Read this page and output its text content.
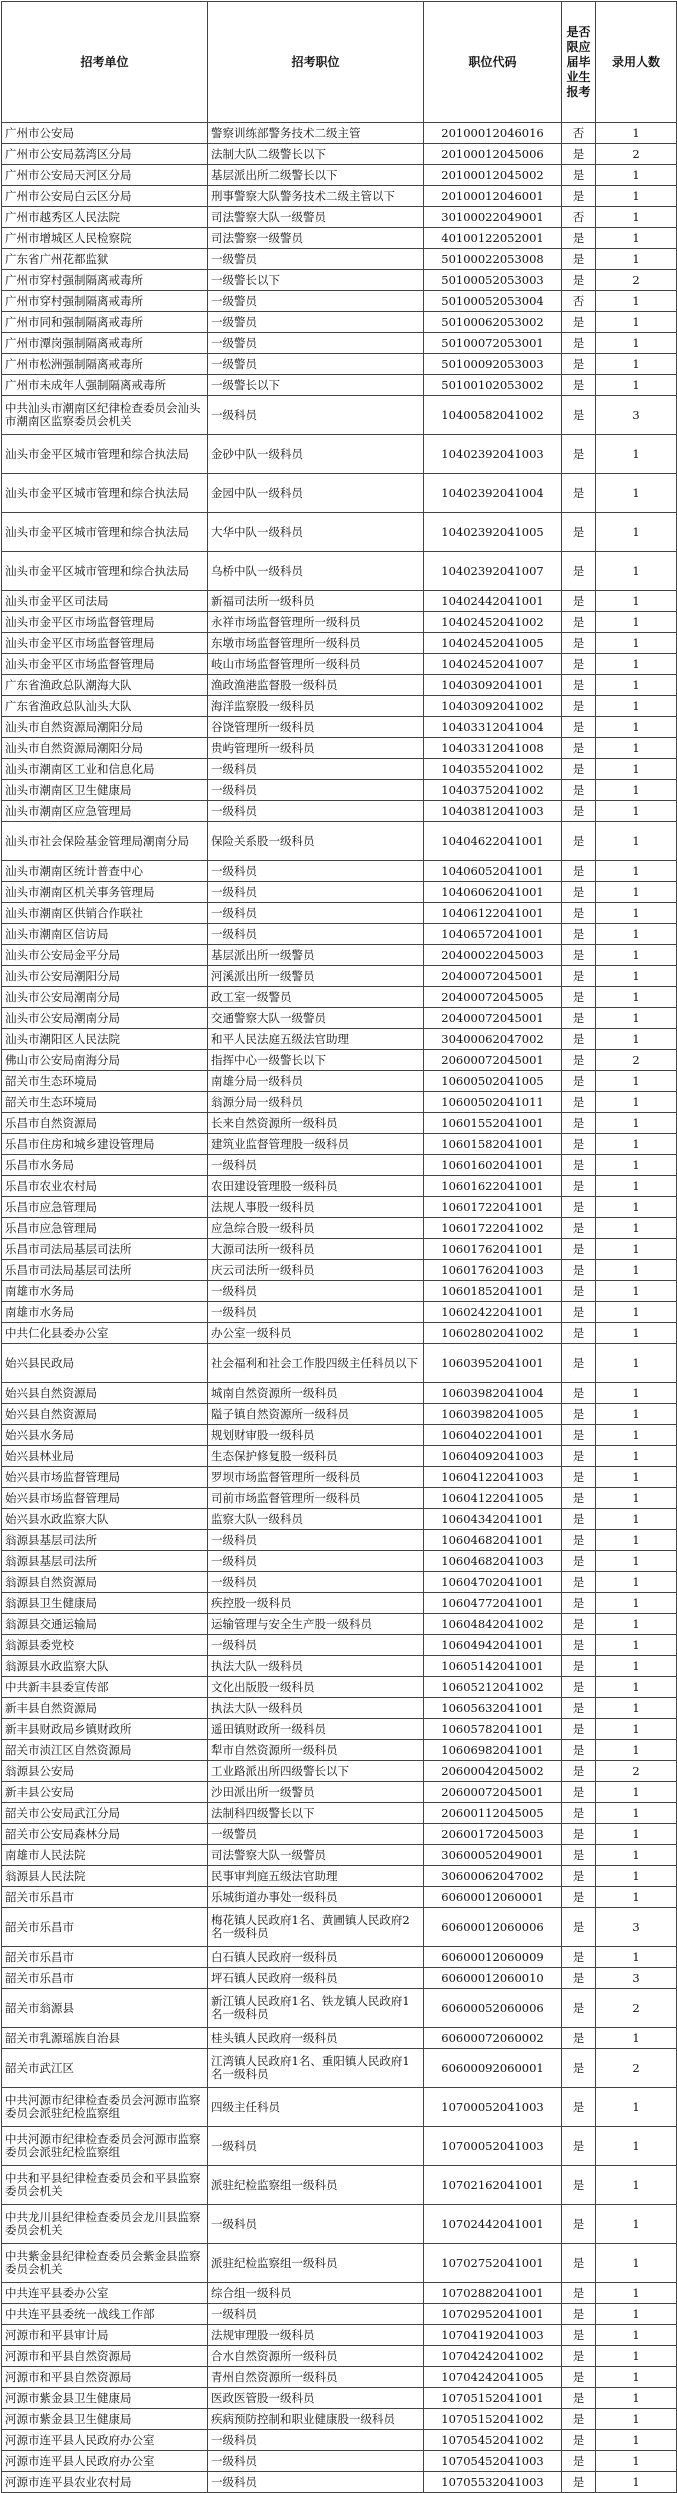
招考单位	招考职位	职位代码	是否限应届毕业生报考	录用人数
广州市公安局	警察训练部警务技术二级主管	20100012046016	否	1
广州市公安局荔湾区分局	法制大队二级警长以下	20100012045006	是	2
广州市公安局天河区分局	基层派出所二级警长以下	20100012045002	是	1
广州市公安局白云区分局	刑事警察大队警务技术二级主管以下	20100012046001	是	1
广州市越秀区人民法院	司法警察大队一级警员	30100022049001	否	1
广州市增城区人民检察院	司法警察一级警员	40100122052001	是	1
广东省广州花都监狱	一级警员	50100022053008	是	1
广州市穿村强制隔离戒毒所	一级警长以下	50100052053003	是	2
广州市穿村强制隔离戒毒所	一级警员	50100052053004	否	1
广州市同和强制隔离戒毒所	一级警员	50100062053002	是	1
广州市潭岗强制隔离戒毒所	一级警员	50100072053001	是	1
广州市松洲强制隔离戒毒所	一级警员	50100092053003	是	1
广州市未成年人强制隔离戒毒所	一级警长以下	50100102053002	是	1
中共汕头市潮南区纪律检查委员会汕头市潮南区监察委员会机关	一级科员	10400582041002	是	3
汕头市金平区城市管理和综合执法局	金砂中队一级科员	10402392041003	是	1
汕头市金平区城市管理和综合执法局	金园中队一级科员	10402392041004	是	1
汕头市金平区城市管理和综合执法局	大华中队一级科员	10402392041005	是	1
汕头市金平区城市管理和综合执法局	乌桥中队一级科员	10402392041007	是	1
汕头市金平区司法局	新福司法所一级科员	10402442041001	是	1
汕头市金平区市场监督管理局	永祥市场监督管理所一级科员	10402452041002	是	1
汕头市金平区市场监督管理局	东墩市场监督管理所一级科员	10402452041005	是	1
汕头市金平区市场监督管理局	岐山市场监督管理所一级科员	10402452041007	是	1
广东省渔政总队潮海大队	渔政渔港监督股一级科员	10403092041001	是	1
广东省渔政总队汕头大队	海洋监察股一级科员	10403092041002	是	1
汕头市自然资源局潮阳分局	谷饶管理所一级科员	10403312041004	是	1
汕头市自然资源局潮阳分局	贵屿管理所一级科员	10403312041008	是	1
汕头市潮南区工业和信息化局	一级科员	10403552041002	是	1
汕头市潮南区卫生健康局	一级科员	10403752041002	是	1
汕头市潮南区应急管理局	一级科员	10403812041003	是	1
汕头市社会保险基金管理局潮南分局	保险关系股一级科员	10404622041001	是	1
汕头市潮南区统计普查中心	一级科员	10406052041001	是	1
汕头市潮南区机关事务管理局	一级科员	10406062041001	是	1
汕头市潮南区供销合作联社	一级科员	10406122041001	是	1
汕头市潮南区信访局	一级科员	10406572041001	是	1
汕头市公安局金平分局	基层派出所一级警员	20400022045003	是	1
汕头市公安局潮阳分局	河溪派出所一级警员	20400072045001	是	1
汕头市公安局潮南分局	政工室一级警员	20400072045005	是	1
汕头市公安局潮南分局	交通警察大队一级警员	20400072045001	是	1
汕头市潮阳区人民法院	和平人民法庭五级法官助理	30400062047002	是	1
佛山市公安局南海分局	指挥中心一级警长以下	20600072045001	是	2
韶关市生态环境局	南雄分局一级科员	10600502041005	是	1
韶关市生态环境局	翁源分局一级科员	10600502041011	是	1
乐昌市自然资源局	长来自然资源所一级科员	10601552041001	是	1
乐昌市住房和城乡建设管理局	建筑业监督管理股一级科员	10601582041001	是	1
乐昌市水务局	一级科员	10601602041001	是	1
乐昌市农业农村局	农田建设管理股一级科员	10601622041001	是	1
乐昌市应急管理局	法规人事股一级科员	10601722041001	是	1
乐昌市应急管理局	应急综合股一级科员	10601722041002	是	1
乐昌市司法局基层司法所	大源司法所一级科员	10601762041001	是	1
乐昌市司法局基层司法所	庆云司法所一级科员	10601762041003	是	1
南雄市水务局	一级科员	10601852041001	是	1
南雄市水务局	一级科员	10602422041001	是	1
中共仁化县委办公室	办公室一级科员	10602802041002	是	1
始兴县民政局	社会福利和社会工作股四级主任科员以下	10603952041001	是	1
始兴县自然资源局	城南自然资源所一级科员	10603982041004	是	1
始兴县自然资源局	隘子镇自然资源所一级科员	10603982041005	是	1
始兴县水务局	规划财审股一级科员	10604022041001	是	1
始兴县林业局	生态保护修复股一级科员	10604092041003	是	1
始兴县市场监督管理局	罗坝市场监督管理所一级科员	10604122041003	是	1
始兴县市场监督管理局	司前市场监督管理所一级科员	10604122041005	是	1
始兴县水政监察大队	监察大队一级科员	10604342041001	是	1
翁源县基层司法所	一级科员	10604682041001	是	1
翁源县基层司法所	一级科员	10604682041003	是	1
翁源县自然资源局	一级科员	10604702041001	是	1
翁源县卫生健康局	疾控股一级科员	10604772041001	是	1
翁源县交通运输局	运输管理与安全生产股一级科员	10604842041002	是	1
翁源县委党校	一级科员	10604942041001	是	1
翁源县水政监察大队	执法大队一级科员	10605142041001	是	1
中共新丰县委宣传部	文化出版股一级科员	10605212041002	是	1
新丰县自然资源局	执法大队一级科员	10605632041001	是	1
新丰县财政局乡镇财政所	遥田镇财政所一级科员	10605782041001	是	1
韶关市浈江区自然资源局	犁市自然资源所一级科员	10606982041001	是	1
翁源县公安局	工业路派出所四级警长以下	20600042045002	是	2
新丰县公安局	沙田派出所一级警员	20600072045001	是	1
韶关市公安局武江分局	法制科四级警长以下	20600112045005	是	1
韶关市公安局森林分局	一级警员	20600172045003	是	1
南雄市人民法院	司法警察大队一级警员	30600052049001	是	1
翁源县人民法院	民事审判庭五级法官助理	30600062047002	是	1
韶关市乐昌市	乐城街道办事处一级科员	60600012060001	是	1
韶关市乐昌市	梅花镇人民政府1名、黄圃镇人民政府2名一级科员	60600012060006	是	3
韶关市乐昌市	白石镇人民政府一级科员	60600012060009	是	1
韶关市乐昌市	坪石镇人民政府一级科员	60600012060010	是	3
韶关市翁源县	新江镇人民政府1名、铁龙镇人民政府1名一级科员	60600052060006	是	2
韶关市乳源瑶族自治县	桂头镇人民政府一级科员	60600072060002	是	1
韶关市武江区	江湾镇人民政府1名、重阳镇人民政府1名一级科员	60600092060001	是	2
中共河源市纪律检查委员会河源市监察委员会派驻纪检监察组	四级主任科员	10700052041003	是	1
中共河源市纪律检查委员会河源市监察委员会派驻纪检监察组	一级科员	10700052041003	是	1
中共和平县纪律检查委员会和平县监察委员会机关	派驻纪检监察组一级科员	10702162041001	是	1
中共龙川县纪律检查委员会龙川县监察委员会机关	一级科员	10702442041001	是	1
中共紫金县纪律检查委员会紫金县监察委员会机关	派驻纪检监察组一级科员	10702752041001	是	1
中共连平县委办公室	综合组一级科员	10702882041001	是	1
中共连平县委统一战线工作部	一级科员	10702952041001	是	1
河源市和平县审计局	法规审理股一级科员	10704192041003	是	1
河源市和平县自然资源局	合水自然资源所一级科员	10704242041002	是	1
河源市和平县自然资源局	青州自然资源所一级科员	10704242041005	是	1
河源市紫金县卫生健康局	医政医管股一级科员	10705152041001	是	1
河源市紫金县卫生健康局	疾病预防控制和职业健康股一级科员	10705152041002	是	1
河源市连平县人民政府办公室	一级科员	10705452041002	是	1
河源市连平县人民政府办公室	一级科员	10705452041003	是	1
河源市连平县农业农村局	一级科员	10705532041003	是	1
